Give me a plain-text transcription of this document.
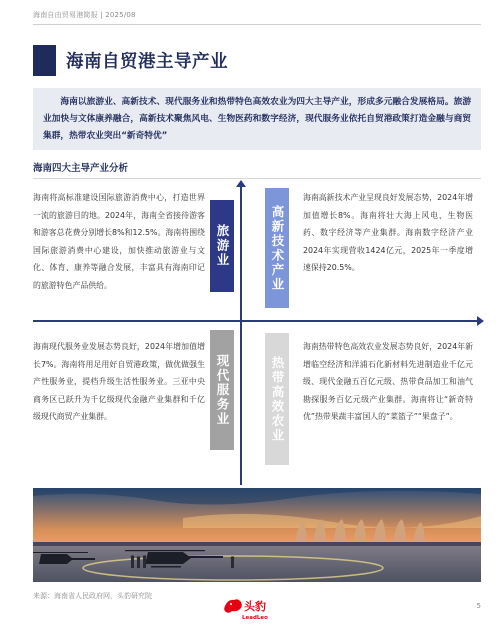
海南自由贸易港简报 | 2025/08
海南自贸港主导产业

海南以旅游业、高新技术、现代服务业和热带特色高效农业为四大主导产业，形成多元融合发展格局。旅游业加快与文体康养融合，高新技术聚焦风电、生物医药和数字经济，现代服务业依托自贸港政策打造金融与商贸集群，热带农业突出“新奇特优”

海南四大主导产业分析

海南将高标准建设国际旅游消费中心，打造世界一流的旅游目的地。2024年，海南全省接待游客和游客总花费分别增长8%和12.5%。海南将围绕国际旅游消费中心建设，加快推动旅游业与文化、体育、康养等融合发展，丰富具有海南印记的旅游特色产品供给。

海南高新技术产业呈现良好发展态势，2024年增加值增长8%。海南将壮大海上风电、生物医药、数字经济等产业集群。海南数字经济产业2024年实现营收1424亿元，2025年一季度增速保持20.5%。

海南现代服务业发展态势良好，2024年增加值增长7%。海南将用足用好自贸港政策，做优做强生产性服务业，提档升级生活性服务业。三亚中央商务区已跃升为千亿级现代金融产业集群和千亿级现代商贸产业集群。

海南热带特色高效农业发展态势良好，2024年新增临空经济和洋浦石化新材料先进制造业千亿元级、现代金融五百亿元级、热带食品加工和油气勘探服务百亿元级产业集群。海南将让“新奇特优”热带果蔬丰富国人的“菜篮子”“果盘子”。

旅游业	高新技术产业
现代服务业	热带高效农业
来源：海南省人民政府网，头豹研究院
头豹
LeadLeo
5
